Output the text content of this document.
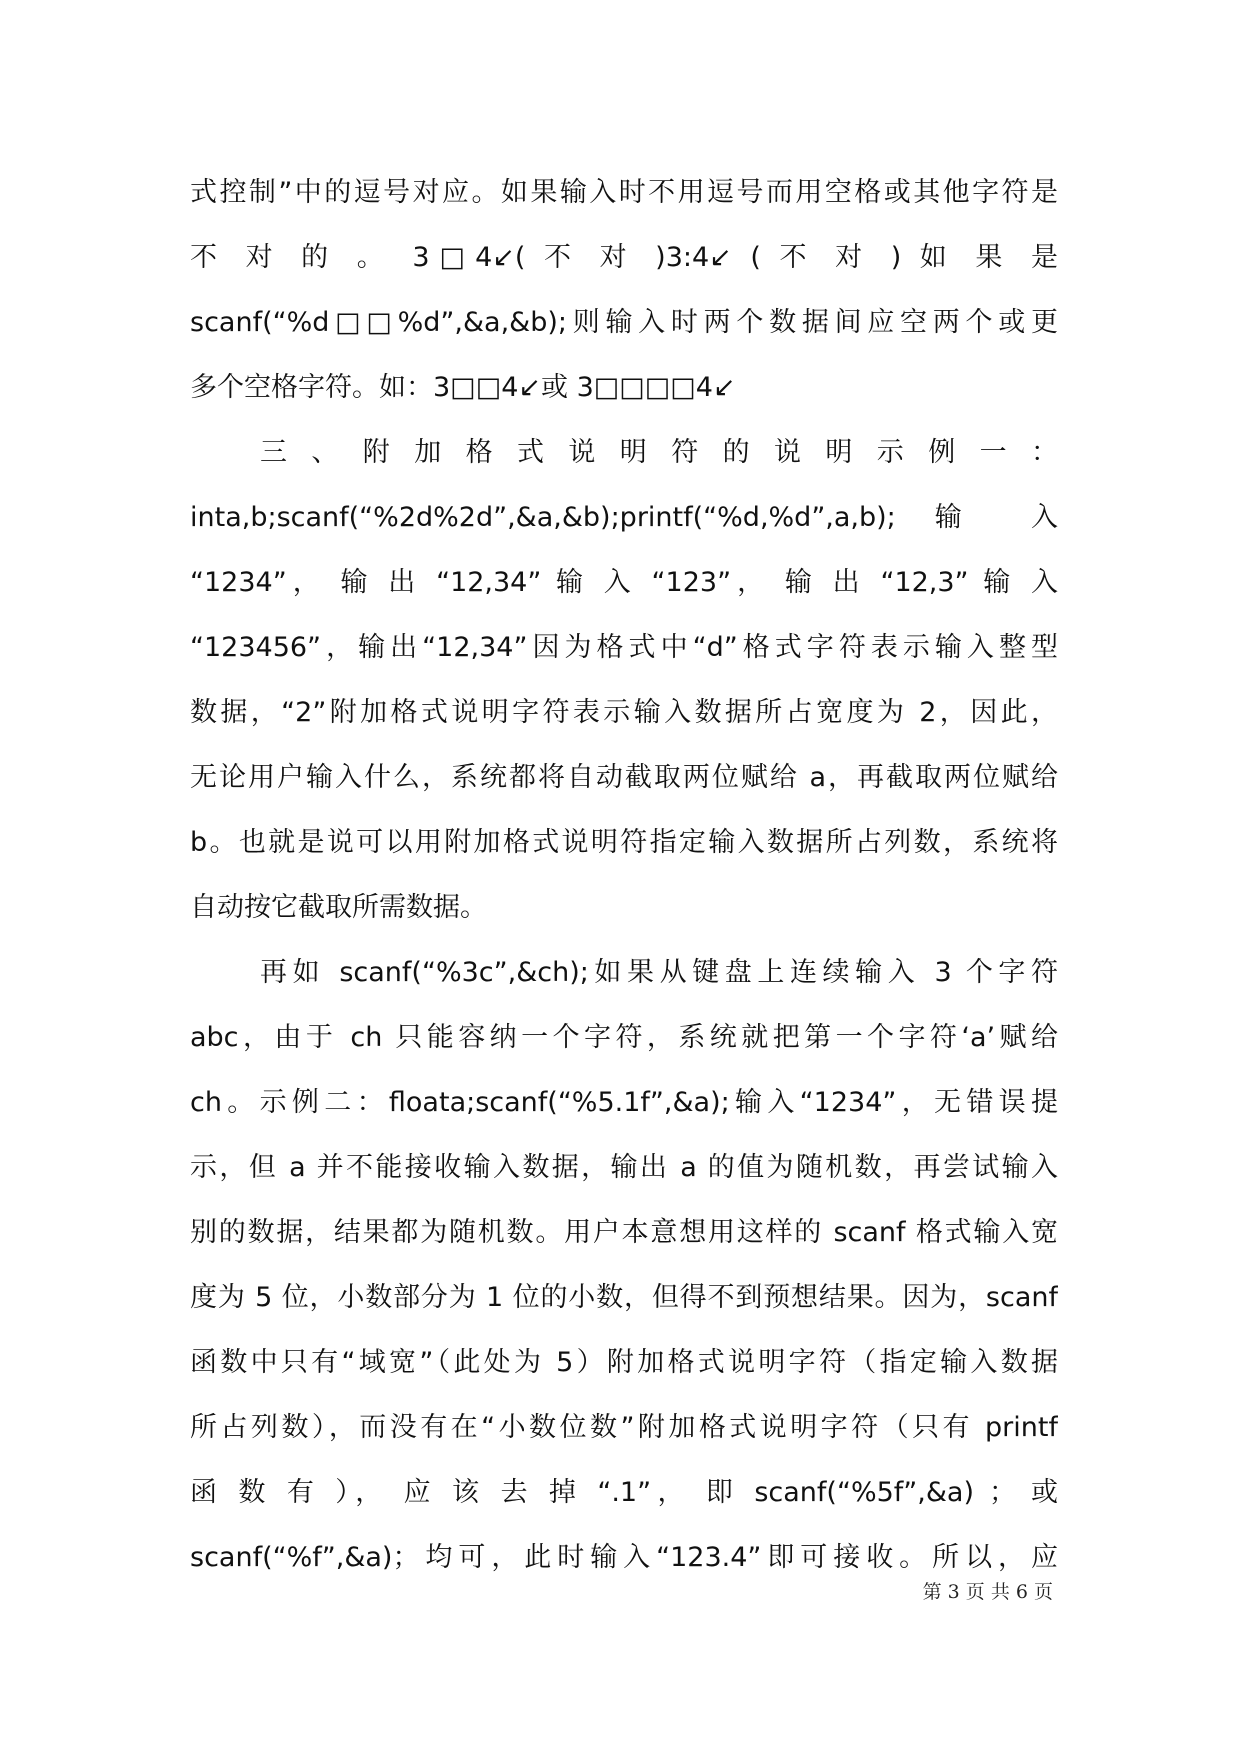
式控制”中的逗号对应。如果输入时不用逗号而用空格或其他字符是
不 对 的 。 3□4↙( 不 对 )3:4↙ ( 不 对 ) 如 果 是
scanf(“%d□□%d”,&a,&b);则输入时两个数据间应空两个或更
多个空格字符。如：3□□4↙或 3□□□□4↙
三 、 附 加 格 式 说 明 符 的 说 明 示 例 一 ：
inta,b;scanf(“%2d%2d”,&a,&b);printf(“%d,%d”,a,b); 输 入
“1234”， 输 出 “12,34” 输 入 “123”， 输 出 “12,3” 输 入
“123456”，输出“12,34”因为格式中“d”格式字符表示输入整型
数据，“2”附加格式说明字符表示输入数据所占宽度为 2，因此，
无论用户输入什么，系统都将自动截取两位赋给 a，再截取两位赋给
b。也就是说可以用附加格式说明符指定输入数据所占列数，系统将
自动按它截取所需数据。
再如 scanf(“%3c”,&ch);如果从键盘上连续输入 3 个字符
abc，由于 ch 只能容纳一个字符，系统就把第一个字符‘a’赋给
ch。示例二：floata;scanf(“%5.1f”,&a);输入“1234”，无错误提
示，但 a 并不能接收输入数据，输出 a 的值为随机数，再尝试输入
别的数据，结果都为随机数。用户本意想用这样的 scanf 格式输入宽
度为 5 位，小数部分为 1 位的小数，但得不到预想结果。因为，scanf
函数中只有“域宽”（此处为 5）附加格式说明字符（指定输入数据
所占列数），而没有在“小数位数”附加格式说明字符（只有 printf
函 数 有 ）， 应 该 去 掉 “.1”， 即 scanf(“%5f”,&a) ； 或
scanf(“%f”,&a)；均可，此时输入“123.4”即可接收。所以，应
第 3 页 共 6 页
